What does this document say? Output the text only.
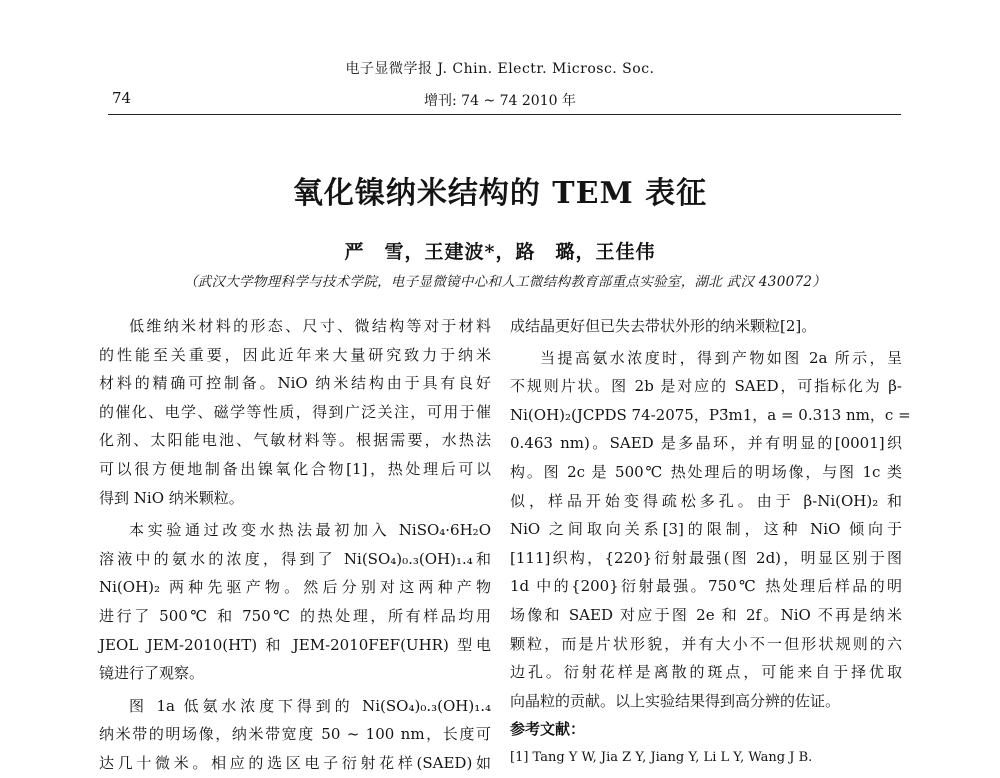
电子显微学报 J. Chin. Electr. Microsc. Soc.
74	增刊: 74 ~ 74 2010 年
氧化镍纳米结构的 TEM 表征
严　雪，王建波*，路　璐，王佳伟
（武汉大学物理科学与技术学院，电子显微镜中心和人工微结构教育部重点实验室，湖北 武汉 430072）

低维纳米材料的形态、尺寸、微结构等对于材料
的性能至关重要，因此近年来大量研究致力于纳米
材料的精确可控制备。NiO 纳米结构由于具有良好
的催化、电学、磁学等性质，得到广泛关注，可用于催
化剂、太阳能电池、气敏材料等。根据需要，水热法
可以很方便地制备出镍氧化合物[1]，热处理后可以
得到 NiO 纳米颗粒。

本实验通过改变水热法最初加入 NiSO₄·6H₂O
溶液中的氨水的浓度，得到了 Ni(SO₄)₀.₃(OH)₁.₄和
Ni(OH)₂ 两种先驱产物。然后分别对这两种产物
进行了 500℃ 和 750℃ 的热处理，所有样品均用
JEOL JEM-2010(HT) 和 JEM-2010FEF(UHR) 型电
镜进行了观察。

图 1a 低氨水浓度下得到的 Ni(SO₄)₀.₃(OH)₁.₄
纳米带的明场像，纳米带宽度 50 ~ 100 nm，长度可
达几十微米。相应的选区电子衍射花样(SAED)如

成结晶更好但已失去带状外形的纳米颗粒[2]。

当提高氨水浓度时，得到产物如图 2a 所示，呈
不规则片状。图 2b 是对应的 SAED，可指标化为 β-
Ni(OH)₂(JCPDS 74-2075，P3̄m1，a = 0.313 nm，c =
0.463 nm)。SAED 是多晶环，并有明显的[0001]织
构。图 2c 是 500℃ 热处理后的明场像，与图 1c 类
似，样品开始变得疏松多孔。由于 β-Ni(OH)₂ 和
NiO 之间取向关系[3]的限制，这种 NiO 倾向于
[111]织构，{220}衍射最强(图 2d)，明显区别于图
1d 中的{200}衍射最强。750℃ 热处理后样品的明
场像和 SAED 对应于图 2e 和 2f。NiO 不再是纳米
颗粒，而是片状形貌，并有大小不一但形状规则的六
边孔。衍射花样是离散的斑点，可能来自于择优取
向晶粒的贡献。以上实验结果得到高分辨的佐证。

参考文献：
[1] Tang Y W, Jia Z Y, Jiang Y, Li L Y, Wang J B.
